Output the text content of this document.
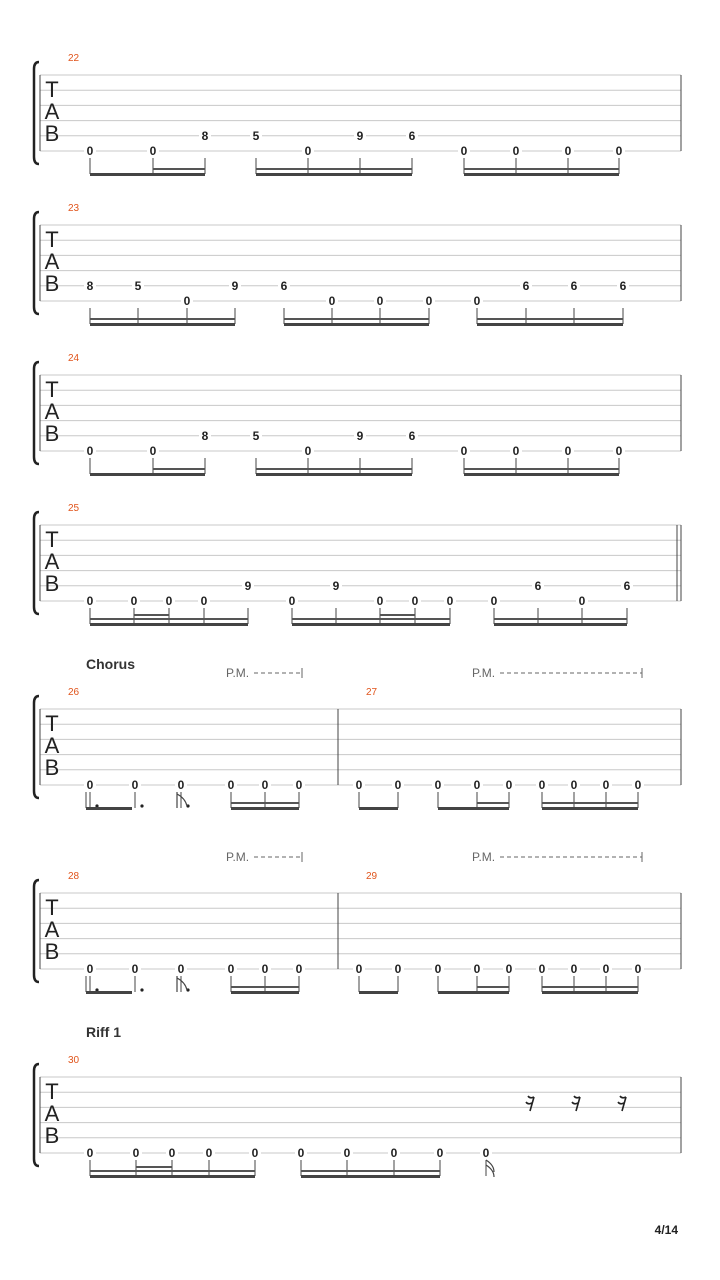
T
A
B
22
0	0
8	5
0
9	6
0	0	0	0
T
A
B
23
8	5
0
9	6
0	0	0	0
6	6	6
T
A
B
24
0	0
8	5
0
9	6
0	0	0	0
T
A
B
25
0	0 0 0
9
0
9
0 0 0	0
6
0
6
T
A
B
Chorus
P.M.	P.M.
26
0	0	0	0 0 0
27
0	0	0	0 0 0 0 0 0
T
A
B
P.M.	P.M.
28
0	0	0	0 0 0
29
0	0	0	0 0 0 0 0 0
T
A
B
Riff 1
30
0	0 0	0	0	0	0	0	0	0
4/14
